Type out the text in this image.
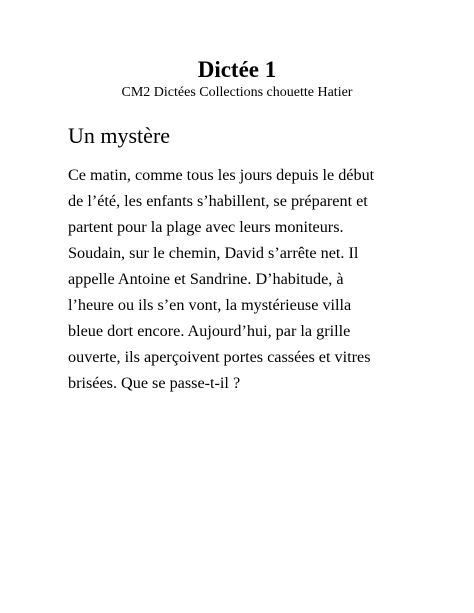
Dictée 1
CM2 Dictées Collections chouette Hatier
Un mystère
Ce matin, comme tous les jours depuis le début
de l’été, les enfants s’habillent, se préparent et
partent pour la plage avec leurs moniteurs.
Soudain, sur le chemin, David s’arrête net. Il
appelle Antoine et Sandrine. D’habitude, à
l’heure ou ils s’en vont, la mystérieuse villa
bleue dort encore. Aujourd’hui, par la grille
ouverte, ils aperçoivent portes cassées et vitres
brisées. Que se passe-t-il ?
